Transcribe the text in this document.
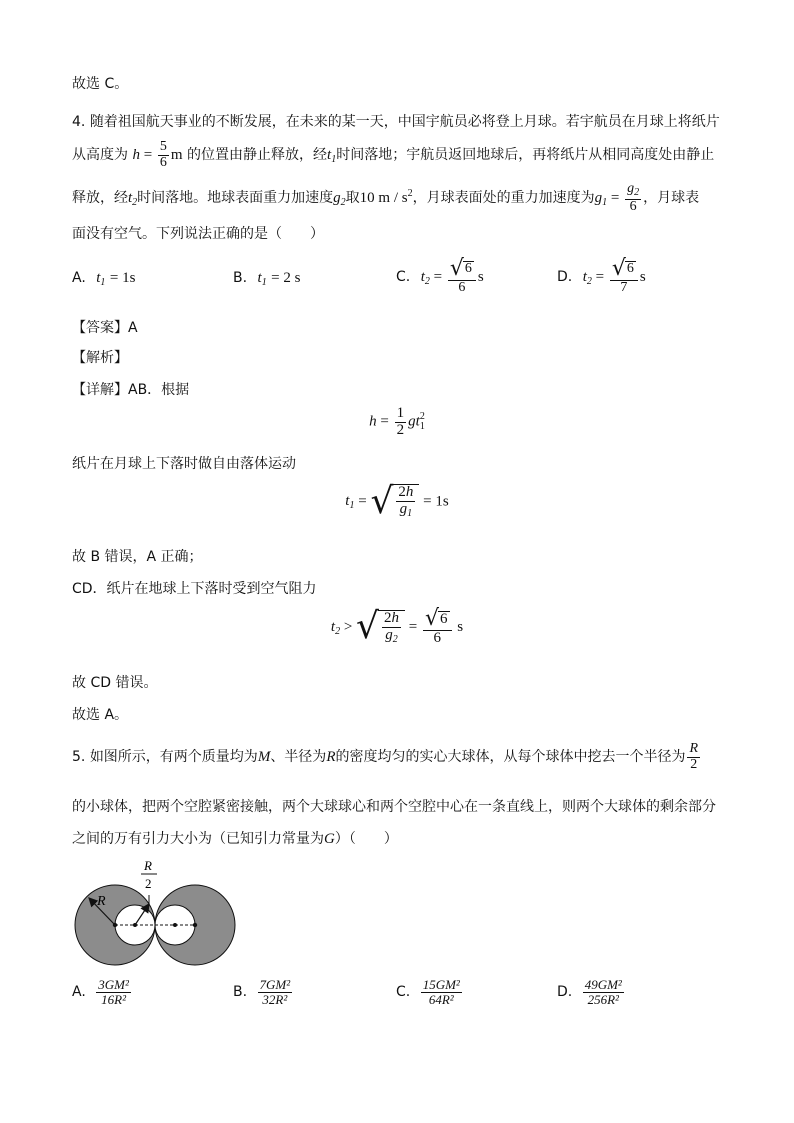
故选 C。
4. 随着祖国航天事业的不断发展，在未来的某一天，中国宇航员必将登上月球。若宇航员在月球上将纸片
从高度为 $h = \frac{5}{6}$ m 的位置由静止释放，经$t_1$时间落地；宇航员返回地球后，再将纸片从相同高度处由静止
释放，经$t_2$时间落地。地球表面重力加速度$g_2$取10 m / $s^2$，月球表面处的重力加速度为$g_1 = \frac{g_2}{6}$ ，月球表
面没有空气。下列说法正确的是（　　）
A. $t_1 = 1s$	B. $t_1 = 2$ s	C. $t_2 = \frac{√ 6}{6}$ s	D. $t_2 = \frac{√ 6}{7}$ s
【答案】A
【解析】
【详解】AB．根据
$h = \frac{1}{2}$ gt 2
1
纸片在月球上下落时做自由落体运动
$t_1$ = √ $\frac{2h}{g_1} = 1s$
故 B 错误，A 正确；
CD．纸片在地球上下落时受到空气阻力
$t_2$ > √ $\frac{2h}{g_2} = \frac{√ 6}{6}$ s
故 CD 错误。
故选 A。
5. 如图所示，有两个质量均为M、半径为R的密度均匀的实心大球体，从每个球体中挖去一个半径为 $\frac{R}{2}$
的小球体，把两个空腔紧密接触，两个大球球心和两个空腔中心在一条直线上，则两个大球体的剩余部分
之间的万有引力大小为（已知引力常量为G）（　　）
R
R
2
A. $\frac{\text{3GM²}}{\text{16R²}}$	B. $\frac{\text{7GM²}}{\text{32R²}}$	C. $\frac{\text{15GM²}}{\text{64R²}}$	D. $\frac{\text{49GM²}}{\text{256R²}}$
